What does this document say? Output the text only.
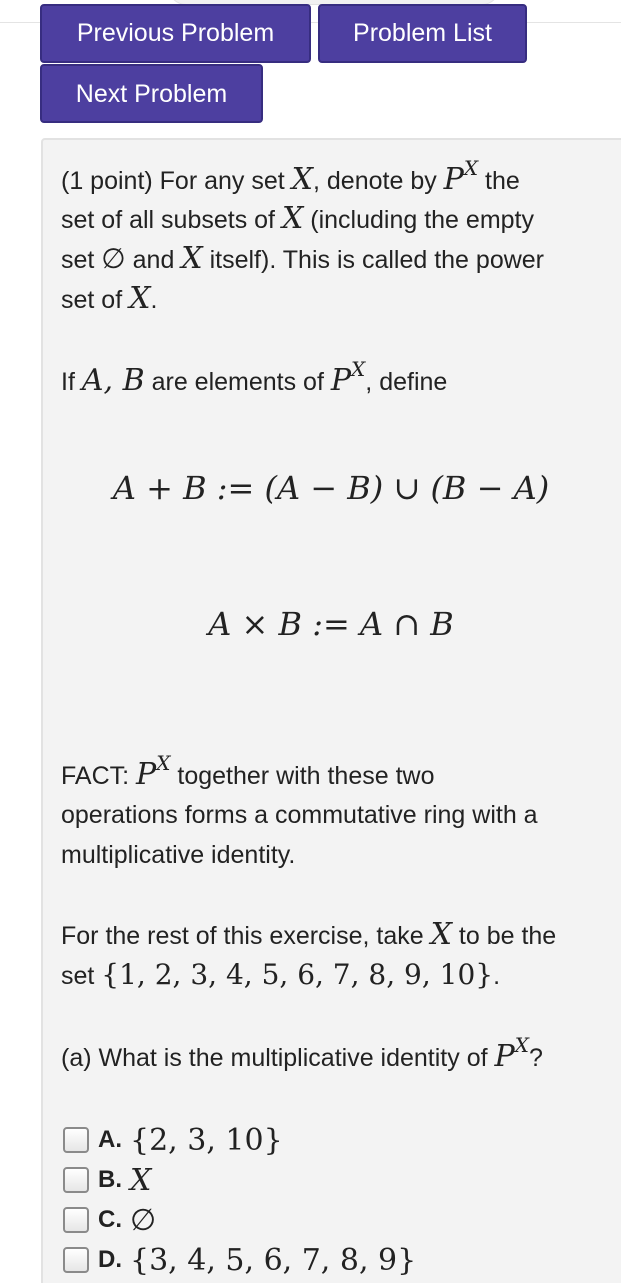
Previous Problem	Problem List
Next Problem
(1 point) For any set X, denote by $P^X$ the
set of all subsets of X (including the empty
set ∅ and X itself). This is called the power
set of X.
If A, B are elements of $P^X$, define
A + B := (A − B) ∪ (B − A)
A × B := A ∩ B
FACT: $P^X$ together with these two
operations forms a commutative ring with a
multiplicative identity.
For the rest of this exercise, take X to be the
set {1, 2, 3, 4, 5, 6, 7, 8, 9, 10}.
(a) What is the multiplicative identity of $P^X$?
A. {2, 3, 10}
B. X
C. ∅
D. {3, 4, 5, 6, 7, 8, 9}
